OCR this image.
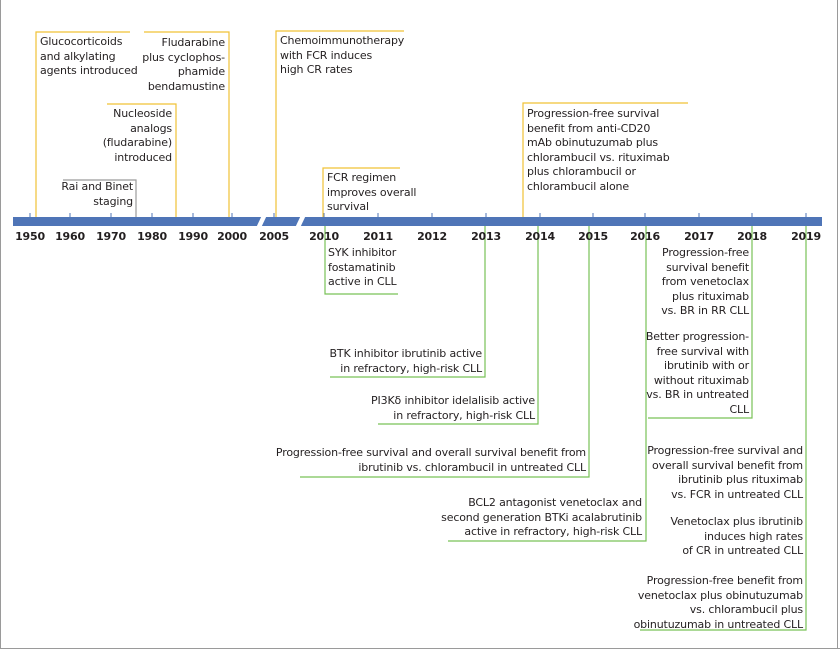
1950 1960	1970	1980	1990 2000	2005	2010	2011	2012	2013	2014	2015	2016	2017	2018	2019
Glucocorticoids
and alkylating
agents introduced
Rai and Binet
staging
Nucleoside
analogs
(fludarabine)
introduced
Fludarabine
plus cyclophos-
phamide
bendamustine
Chemoimmunotherapy
with FCR induces
high CR rates
FCR regimen
improves overall
survival
Progression-free survival
benefit from anti-CD20
mAb obinutuzumab plus
chlorambucil vs. rituximab
plus chlorambucil or
chlorambucil alone
SYK inhibitor
fostamatinib
active in CLL
BTK inhibitor ibrutinib active
in refractory, high-risk CLL
PI3Kδ inhibitor idelalisib active
in refractory, high-risk CLL
Progression-free survival and overall survival benefit from
ibrutinib vs. chlorambucil in untreated CLL
BCL2 antagonist venetoclax and
second generation BTKi acalabrutinib
active in refractory, high-risk CLL
Progression-free
survival benefit
from venetoclax
plus rituximab
vs. BR in RR CLL
Better progression-
free survival with
ibrutinib with or
without rituximab
vs. BR in untreated
CLL
Progression-free survival and
overall survival benefit from
ibrutinib plus rituximab
vs. FCR in untreated CLL
Venetoclax plus ibrutinib
induces high rates
of CR in untreated CLL
Progression-free benefit from
venetoclax plus obinutuzumab
vs. chlorambucil plus
obinutuzumab in untreated CLL
